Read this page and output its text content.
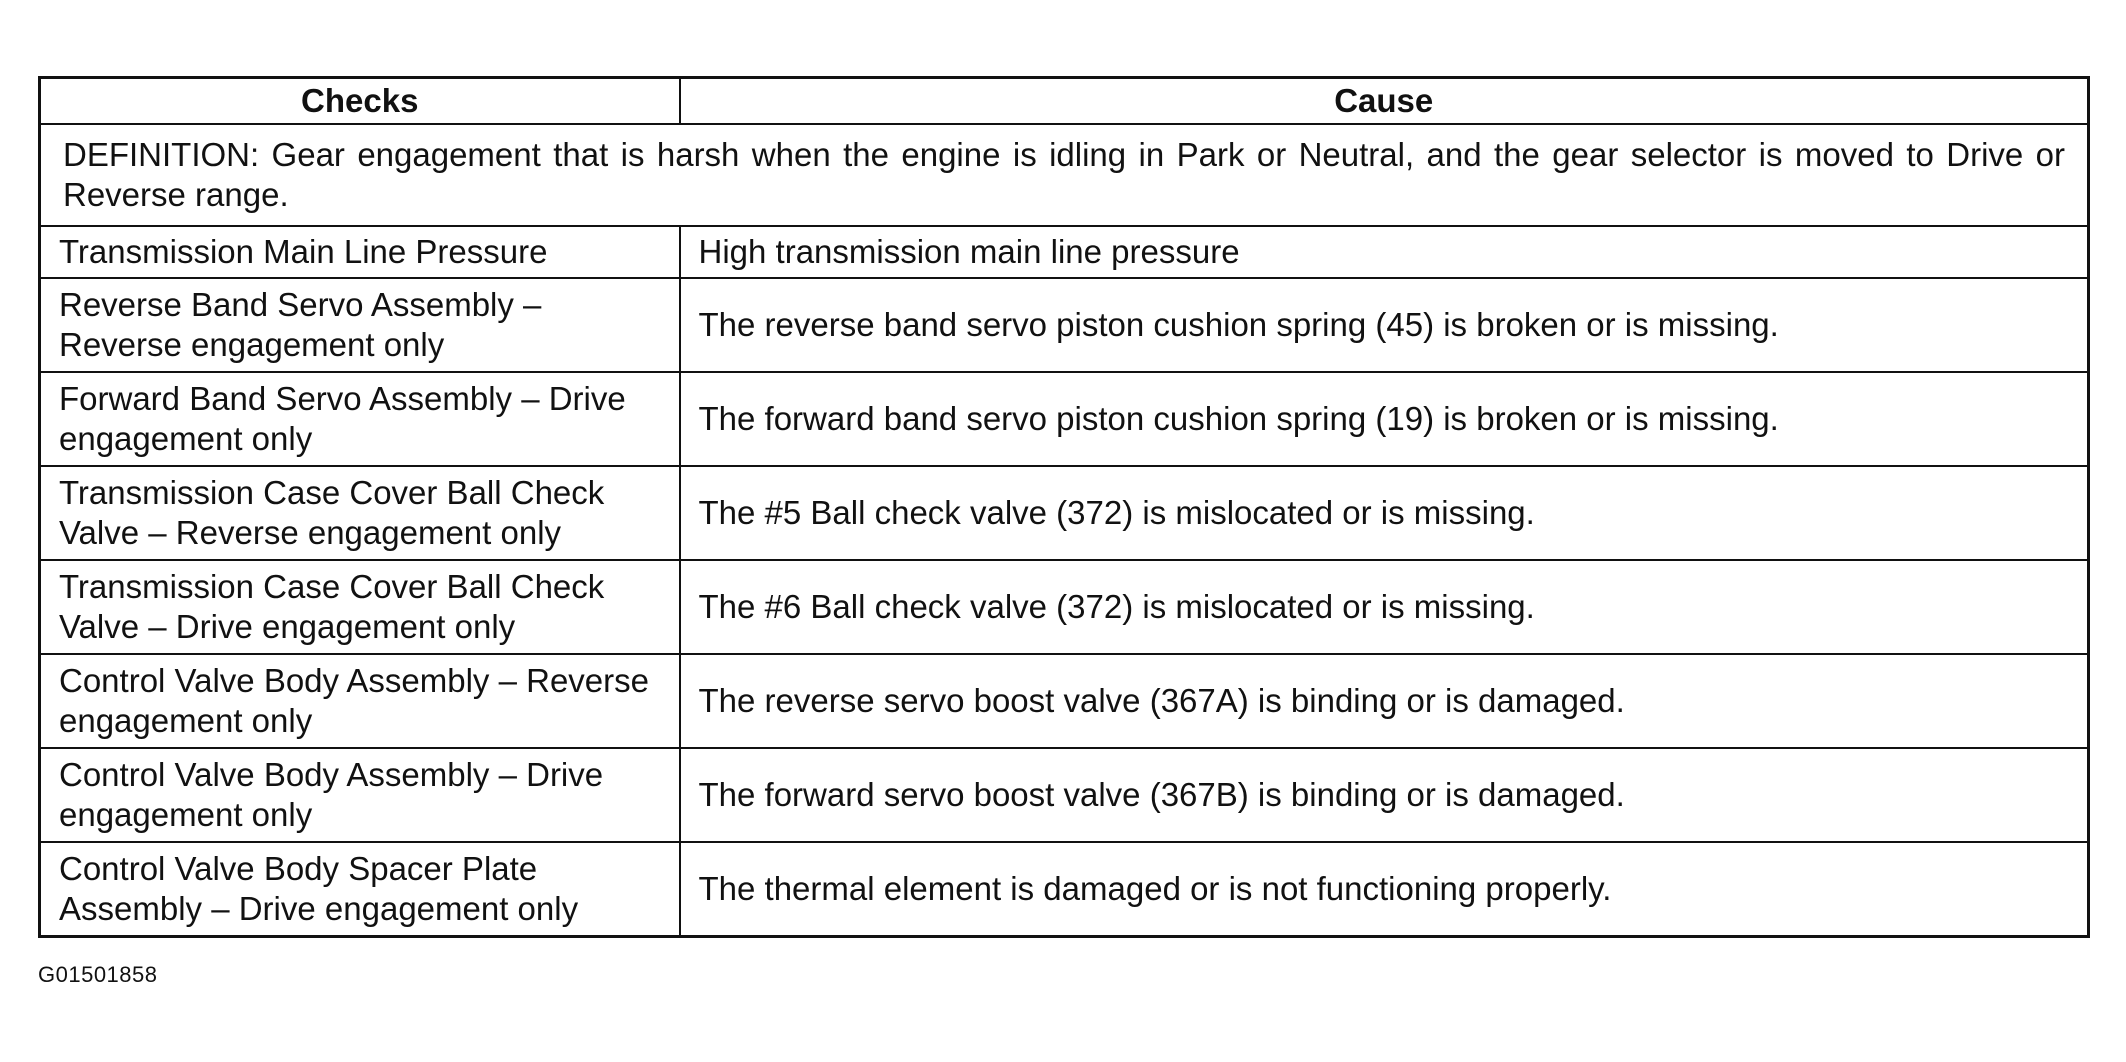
Checks	Cause
DEFINITION: Gear engagement that is harsh when the engine is idling in Park or Neutral, and the gear selector is moved to Drive or Reverse range.	
Transmission Main Line Pressure	High transmission main line pressure
Reverse Band Servo Assembly – Reverse engagement only	The reverse band servo piston cushion spring (45) is broken or is missing.
Forward Band Servo Assembly – Drive engagement only	The forward band servo piston cushion spring (19) is broken or is missing.
Transmission Case Cover Ball Check Valve – Reverse engagement only	The #5 Ball check valve (372) is mislocated or is missing.
Transmission Case Cover Ball Check Valve – Drive engagement only	The #6 Ball check valve (372) is mislocated or is missing.
Control Valve Body Assembly – Reverse engagement only	The reverse servo boost valve (367A) is binding or is damaged.
Control Valve Body Assembly – Drive engagement only	The forward servo boost valve (367B) is binding or is damaged.
Control Valve Body Spacer Plate Assembly – Drive engagement only	The thermal element is damaged or is not functioning properly.
G01501858
